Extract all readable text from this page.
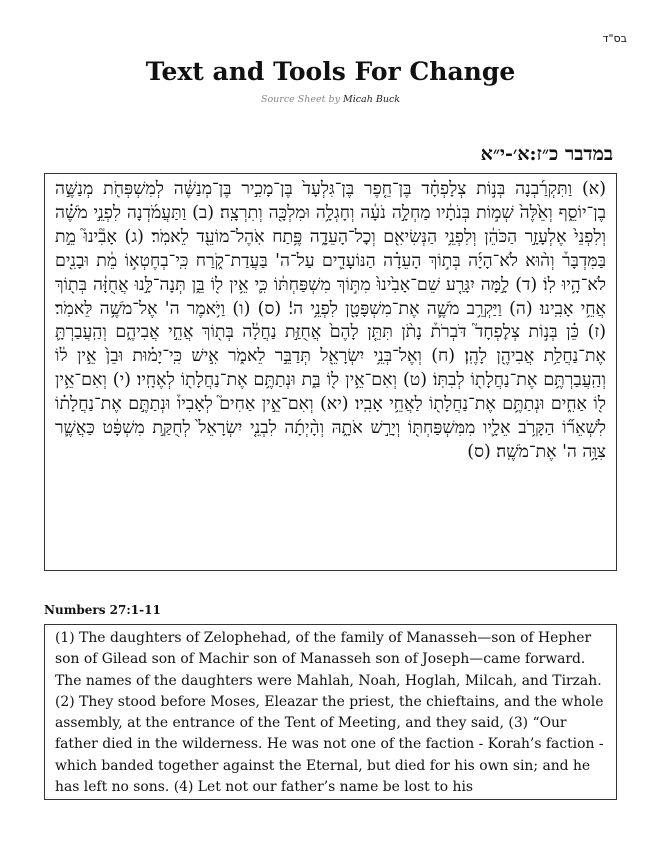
בס"ד
Text and Tools For Change
Source Sheet by Micah Buck
במדבר כ״ז:א׳-י״א

(א) וַתִּקְרַ֜בְנָה בְּנ֣וֹת צְלָפְחָ֗ד בֶּן־חֵ֤פֶר בֶּן־גִּלְעָד֙ בֶּן־מָכִ֣יר בֶּן־מְנַשֶּׁ֔ה לְמִשְׁפְּחֹ֖ת מְנַשֶּׁ֣ה בֶן־יוֹסֵ֑ף וְאֵ֙לֶּה֙ שְׁמ֣וֹת בְּנֹתָ֔יו מַחְלָ֣ה נֹעָ֔ה וְחָגְלָ֥ה וּמִלְכָּ֖ה וְתִרְצָֽה׃ (ב) וַתַּעֲמֹ֜דְנָה לִפְנֵ֣י מֹשֶׁ֗ה וְלִפְנֵי֙ אֶלְעָזָ֣ר הַכֹּהֵ֔ן וְלִפְנֵ֥י הַנְּשִׂיאִ֖ם וְכׇל־הָעֵדָ֑ה פֶּ֥תַח אֹֽהֶל־מוֹעֵ֖ד לֵאמֹֽר׃ (ג) אָבִ֘ינוּ֮ מֵ֣ת בַּמִּדְבָּר֒ וְה֨וּא לֹא־הָיָ֜ה בְּת֣וֹךְ הָעֵדָ֗ה הַנּוֹעָדִ֛ים עַל־ה' בַּעֲדַת־קֹ֑רַח כִּֽי־בְחֶטְא֣וֹ מֵ֔ת וּבָנִ֖ים לֹא־הָ֥יוּ לֽוֹ׃ (ד) לָ֣מָּה יִגָּרַ֤ע שֵׁם־אָבִ֙ינוּ֙ מִתּ֣וֹךְ מִשְׁפַּחְתּ֔וֹ כִּ֛י אֵ֥ין ל֖וֹ בֵּ֑ן תְּנָה־לָּ֣נוּ אֲחֻזָּ֔ה בְּת֖וֹךְ אֲחֵ֥י אָבִֽינוּ׃ (ה) וַיַּקְרֵ֥ב מֹשֶׁ֛ה אֶת־מִשְׁפָּטָ֖ן לִפְנֵ֥י ה'׃ (ס) (ו) וַיֹּ֥אמֶר ה' אֶל־מֹשֶׁ֥ה לֵּאמֹֽר׃ (ז) כֵּ֗ן בְּנ֣וֹת צְלׇפְחָד֮ דֹּבְרֹת֒ נָתֹ֨ן תִּתֵּ֤ן לָהֶם֙ אֲחֻזַּ֣ת נַחֲלָ֔ה בְּת֖וֹךְ אֲחֵ֣י אֲבִיהֶ֑ם וְהַֽעֲבַרְתָּ֛ אֶת־נַחֲלַ֥ת אֲבִיהֶ֖ן לָהֶֽן׃ (ח) וְאֶל־בְּנֵ֥י יִשְׂרָאֵ֖ל תְּדַבֵּ֣ר לֵאמֹ֑ר אִ֣ישׁ כִּֽי־יָמ֗וּת וּבֵן֙ אֵ֣ין ל֔וֹ וְהַֽעֲבַרְתֶּ֥ם אֶת־נַחֲלָת֖וֹ לְבִתּֽוֹ׃ (ט) וְאִם־אֵ֥ין ל֖וֹ בַּ֑ת וּנְתַתֶּ֥ם אֶת־נַחֲלָת֖וֹ לְאֶחָֽיו׃ (י) וְאִם־אֵ֥ין ל֖וֹ אַחִ֑ים וּנְתַתֶּ֥ם אֶת־נַחֲלָת֖וֹ לַאֲחֵ֥י אָבִֽיו׃ (יא) וְאִם־אֵ֣ין אַחִים֮ לְאָבִיו֒ וּנְתַתֶּ֣ם אֶת־נַחֲלָת֗וֹ לִשְׁאֵר֞וֹ הַקָּרֹ֥ב אֵלָ֛יו מִמִּשְׁפַּחְתּ֖וֹ וְיָרַ֣שׁ אֹתָ֑הּ וְהָ֨יְתָ֜ה לִבְנֵ֤י יִשְׂרָאֵל֙ לְחֻקַּ֣ת מִשְׁפָּ֔ט כַּאֲשֶׁ֛ר צִוָּ֥ה ה' אֶת־מֹשֶֽׁה׃ (ס)

Numbers 27:1-11

(1) The daughters of Zelophehad, of the family of Manasseh—son of Hepher son of Gilead son of Machir son of Manasseh son of Joseph—came forward. The names of the daughters were Mahlah, Noah, Hoglah, Milcah, and Tirzah. (2) They stood before Moses, Eleazar the priest, the chieftains, and the whole assembly, at the entrance of the Tent of Meeting, and they said, (3) “Our father died in the wilderness. He was not one of the faction - Korah’s faction - which banded together against the Eternal, but died for his own sin; and he has left no sons. (4) Let not our father’s name be lost to his
